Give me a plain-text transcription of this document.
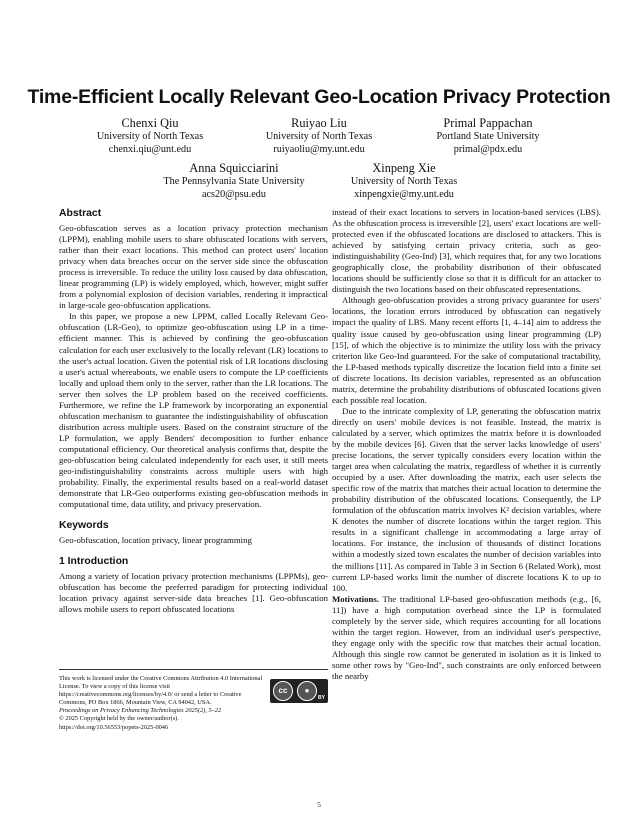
Time-Efficient Locally Relevant Geo-Location Privacy Protection
Chenxi Qiu
University of North Texas
chenxi.qiu@unt.edu
Ruiyao Liu
University of North Texas
ruiyaoliu@my.unt.edu
Primal Pappachan
Portland State University
primal@pdx.edu
Anna Squicciarini
The Pennsylvania State University
acs20@psu.edu
Xinpeng Xie
University of North Texas
xinpengxie@my.unt.edu
Abstract

Geo-obfuscation serves as a location privacy protection mechanism (LPPM), enabling mobile users to share obfuscated locations with servers, rather than their exact locations. This method can protect users' location privacy when data breaches occur on the server side since the obfuscation process is irreversible. To reduce the utility loss caused by data obfuscation, linear programming (LP) is widely employed, which, however, might suffer from a polynomial explosion of decision variables, rendering it impractical in large-scale geo-obfuscation applications.

In this paper, we propose a new LPPM, called Locally Relevant Geo-obfuscation (LR-Geo), to optimize geo-obfuscation using LP in a time-efficient manner. This is achieved by confining the geo-obfuscation calculation for each user exclusively to the locally relevant (LR) locations to the user's actual location. Given the potential risk of LR locations disclosing a user's actual whereabouts, we enable users to compute the LP coefficients locally and upload them only to the server, rather than the LR locations. The server then solves the LP problem based on the received coefficients. Furthermore, we refine the LP framework by incorporating an exponential obfuscation mechanism to guarantee the indistinguishability of obfuscation distribution across multiple users. Based on the constraint structure of the LP formulation, we apply Benders' decomposition to further enhance computational efficiency. Our theoretical analysis confirms that, despite the geo-obfuscation being calculated independently for each user, it still meets geo-indistinguishability constraints across multiple users with high probability. Finally, the experimental results based on a real-world dataset demonstrate that LR-Geo outperforms existing geo-obfuscation methods in computational time, data utility, and privacy preservation.

Keywords

Geo-obfuscation, location privacy, linear programming

1 Introduction

Among a variety of location privacy protection mechanisms (LPPMs), geo-obfuscation has become the preferred paradigm for protecting individual location privacy against server-side data breaches [1]. Geo-obfuscation allows mobile users to report obfuscated locations

This work is licensed under the Creative Commons Attribution 4.0 International License. To view a copy of this license visit https://creativecommons.org/licenses/by/4.0/ or send a letter to Creative Commons, PO Box 1866, Mountain View, CA 94042, USA.
Proceedings on Privacy Enhancing Technologies 2025(2), 5–22
© 2025 Copyright held by the owner/author(s).
https://doi.org/10.56553/popets-2025-0046
cc	●
BY

instead of their exact locations to servers in location-based services (LBS). As the obfuscation process is irreversible [2], users' exact locations are well-protected even if the obfuscated locations are disclosed to attackers. This is achieved by satisfying certain privacy criteria, such as geo-indistinguishability (Geo-Ind) [3], which requires that, for any two locations geographically close, the probability distribution of their obfuscated locations should be sufficiently close so that it is difficult for an attacker to distinguish the two locations based on their obfuscated representations.

Although geo-obfuscation provides a strong privacy guarantee for users' locations, the location errors introduced by obfuscation can negatively impact the quality of LBS. Many recent efforts [1, 4–14] aim to address the quality issue caused by geo-obfuscation using linear programming (LP) [15], of which the objective is to minimize the utility loss with the privacy criterion like Geo-Ind guaranteed. For the sake of computational tractability, the LP-based methods typically discretize the location field into a finite set of discrete locations. Its decision variables, represented as an obfuscation matrix, determine the probability distributions of obfuscated locations given each possible real location.

Due to the intricate complexity of LP, generating the obfuscation matrix directly on users' mobile devices is not feasible. Instead, the matrix is calculated by a server, which optimizes the matrix before it is downloaded by the mobile devices [6]. Given that the server lacks knowledge of users' precise locations, the server typically considers every location within the target area when calculating the matrix, regardless of whether it is currently occupied by a user. After downloading the matrix, each user selects the specific row of the matrix that matches their actual location to determine the probability distribution of the obfuscated locations. Consequently, the LP formulation of the obfuscation matrix involves K² decision variables, where K denotes the number of discrete locations within the target region. This results in a significant challenge in accommodating a large array of locations. For instance, the inclusion of thousands of distinct locations within a modestly sized town escalates the number of decision variables into the millions [11]. As compared in Table 3 in Section 6 (Related Work), most current LP-based works limit the number of discrete locations K to up to 100.

Motivations. The traditional LP-based geo-obfuscation methods (e.g., [6, 11]) have a high computation overhead since the LP is formulated completely by the server side, which requires accounting for all locations within the target region. However, from an individual user's perspective, they engage only with the specific row that matches their actual location. Although this single row cannot be generated in isolation as it is linked to some other rows by "Geo-Ind", such constraints are only enforced between the nearby

5
